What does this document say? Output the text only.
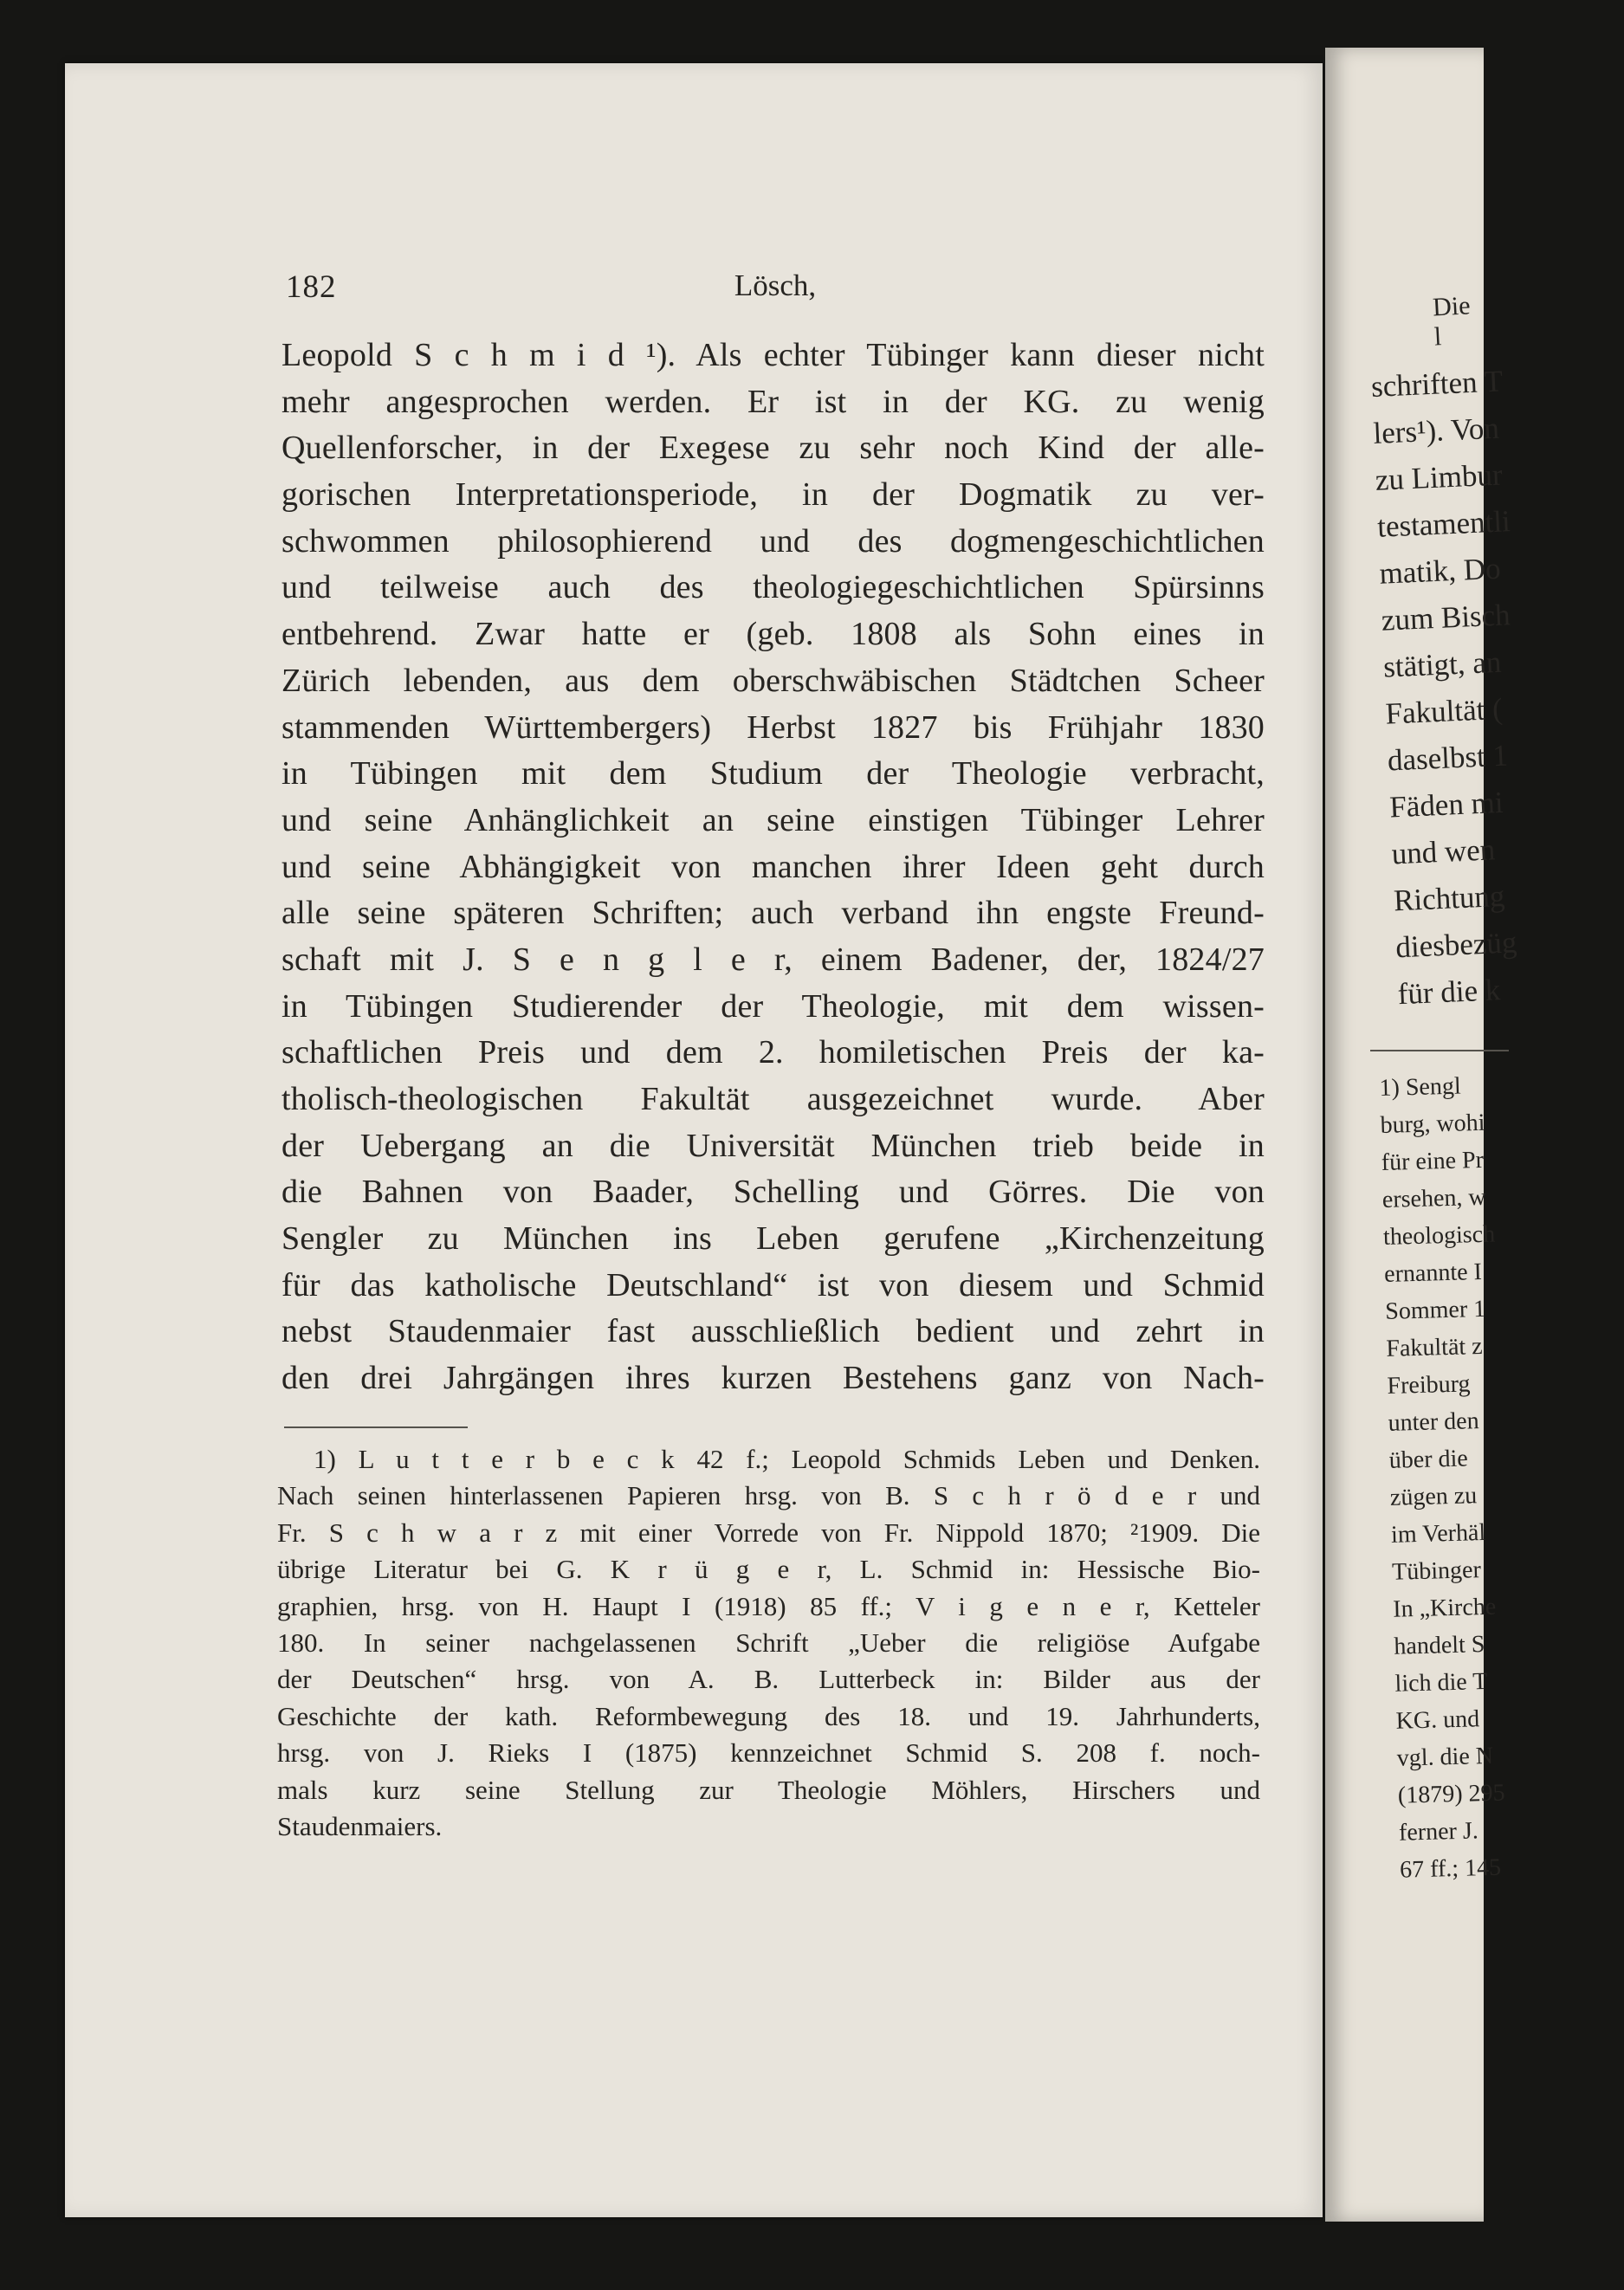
182	Lösch,
Leopold S c h m i d ¹). Als echter Tübinger kann dieser nicht
mehr angesprochen werden. Er ist in der KG. zu wenig
Quellenforscher, in der Exegese zu sehr noch Kind der alle-
gorischen Interpretationsperiode, in der Dogmatik zu ver-
schwommen philosophierend und des dogmengeschichtlichen
und teilweise auch des theologiegeschichtlichen Spürsinns
entbehrend. Zwar hatte er (geb. 1808 als Sohn eines in
Zürich lebenden, aus dem oberschwäbischen Städtchen Scheer
stammenden Württembergers) Herbst 1827 bis Frühjahr 1830
in Tübingen mit dem Studium der Theologie verbracht,
und seine Anhänglichkeit an seine einstigen Tübinger Lehrer
und seine Abhängigkeit von manchen ihrer Ideen geht durch
alle seine späteren Schriften; auch verband ihn engste Freund-
schaft mit J. S e n g l e r, einem Badener, der, 1824/27
in Tübingen Studierender der Theologie, mit dem wissen-
schaftlichen Preis und dem 2. homiletischen Preis der ka-
tholisch-theologischen Fakultät ausgezeichnet wurde. Aber
der Uebergang an die Universität München trieb beide in
die Bahnen von Baader, Schelling und Görres. Die von
Sengler zu München ins Leben gerufene „Kirchenzeitung
für das katholische Deutschland“ ist von diesem und Schmid
nebst Staudenmaier fast ausschließlich bedient und zehrt in
den drei Jahrgängen ihres kurzen Bestehens ganz von Nach-
1) L u t t e r b e c k 42 f.; Leopold Schmids Leben und Denken.
Nach seinen hinterlassenen Papieren hrsg. von B. S c h r ö d e r und
Fr. S c h w a r z mit einer Vorrede von Fr. Nippold 1870; ²1909. Die
übrige Literatur bei G. K r ü g e r, L. Schmid in: Hessische Bio-
graphien, hrsg. von H. Haupt I (1918) 85 ff.; V i g e n e r, Ketteler
180. In seiner nachgelassenen Schrift „Ueber die religiöse Aufgabe
der Deutschen“ hrsg. von A. B. Lutterbeck in: Bilder aus der
Geschichte der kath. Reformbewegung des 18. und 19. Jahrhunderts,
hrsg. von J. Rieks I (1875) kennzeichnet Schmid S. 208 f. noch-
mals kurz seine Stellung zur Theologie Möhlers, Hirschers und
Staudenmaiers.
Die l
schriften T
lers¹). Von
zu Limbur
testamentli
matik, Do
zum Bisch
stätigt, an
Fakultät (
daselbst 1
Fäden mi
und wen
Richtung
diesbezüg
für die k
1) Sengl
burg, wohi
für eine Pr
ersehen, w
theologisch
ernannte I
Sommer 1
Fakultät z
Freiburg
unter den
über die
zügen zu
im Verhäl
Tübinger
In „Kirche
handelt S
lich die T
KG. und
vgl. die N
(1879) 295
ferner J.
67 ff.; 145
